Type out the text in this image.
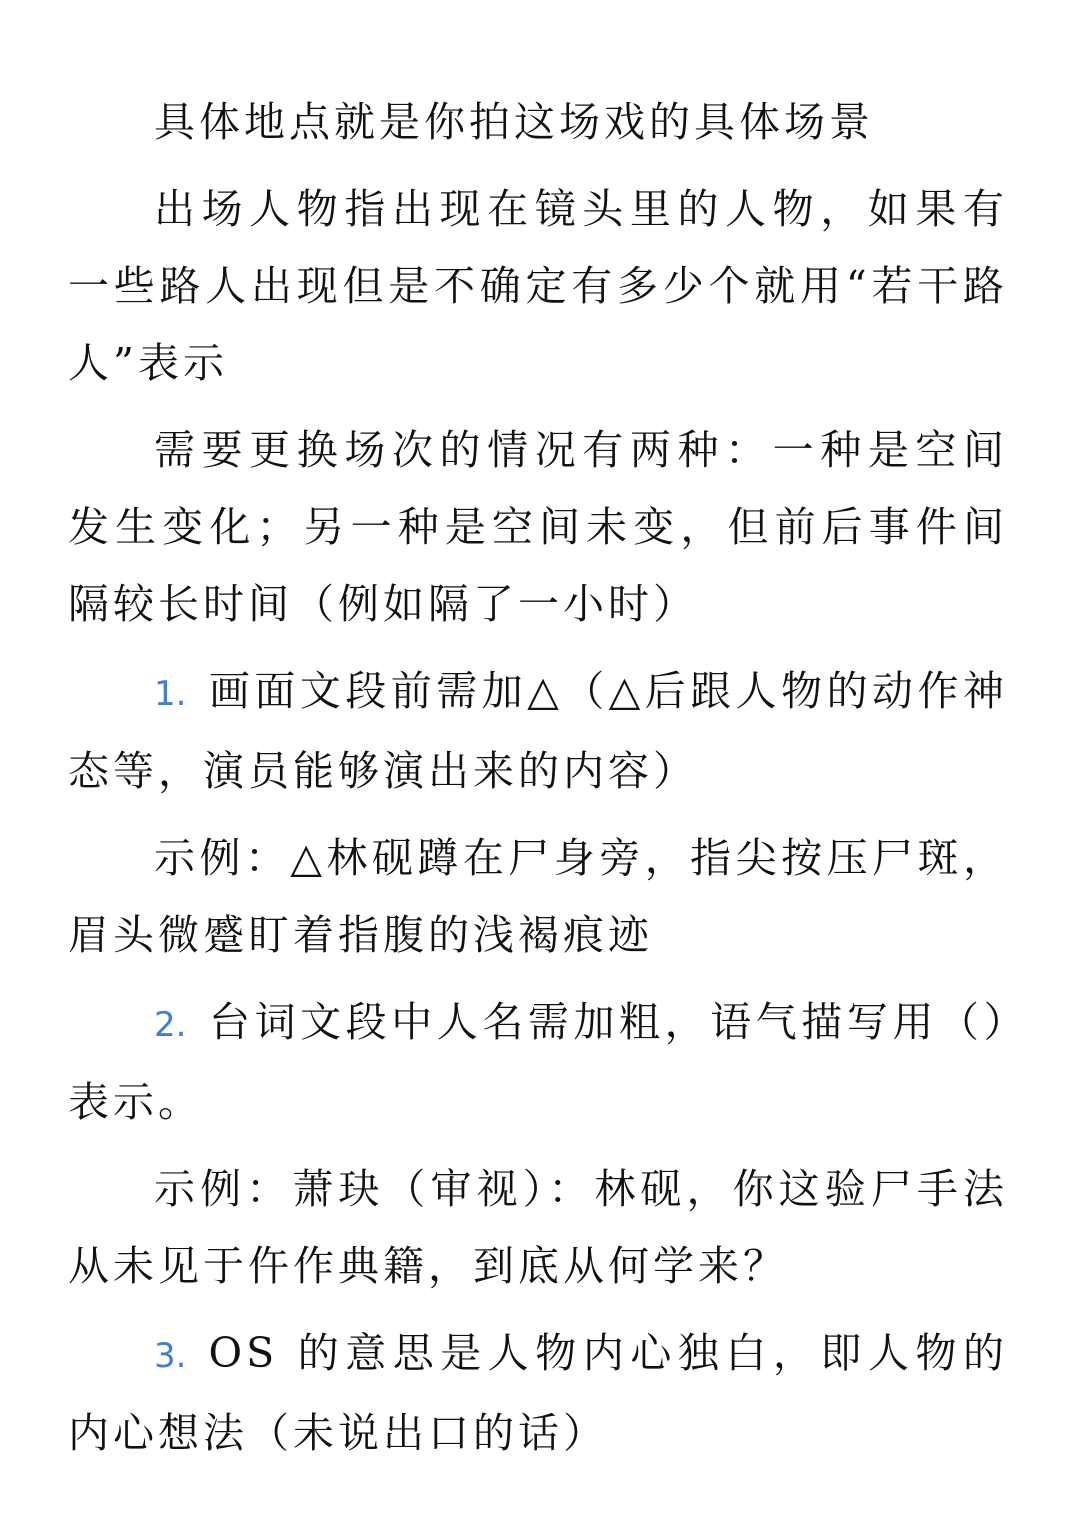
具体地点就是你拍这场戏的具体场景

出场人物指出现在镜头里的人物，如果有一些路人出现但是不确定有多少个就用“若干路人”表示

需要更换场次的情况有两种：一种是空间发生变化；另一种是空间未变，但前后事件间隔较长时间（例如隔了一小时）

1. 画面文段前需加△（△后跟人物的动作神态等，演员能够演出来的内容）

示例：△林砚蹲在尸身旁，指尖按压尸斑，眉头微蹙盯着指腹的浅褐痕迹

2. 台词文段中人名需加粗，语气描写用（）表示。

示例：萧玦（审视）：林砚，你这验尸手法从未见于仵作典籍，到底从何学来？

3. OS 的意思是人物内心独白，即人物的内心想法（未说出口的话）
